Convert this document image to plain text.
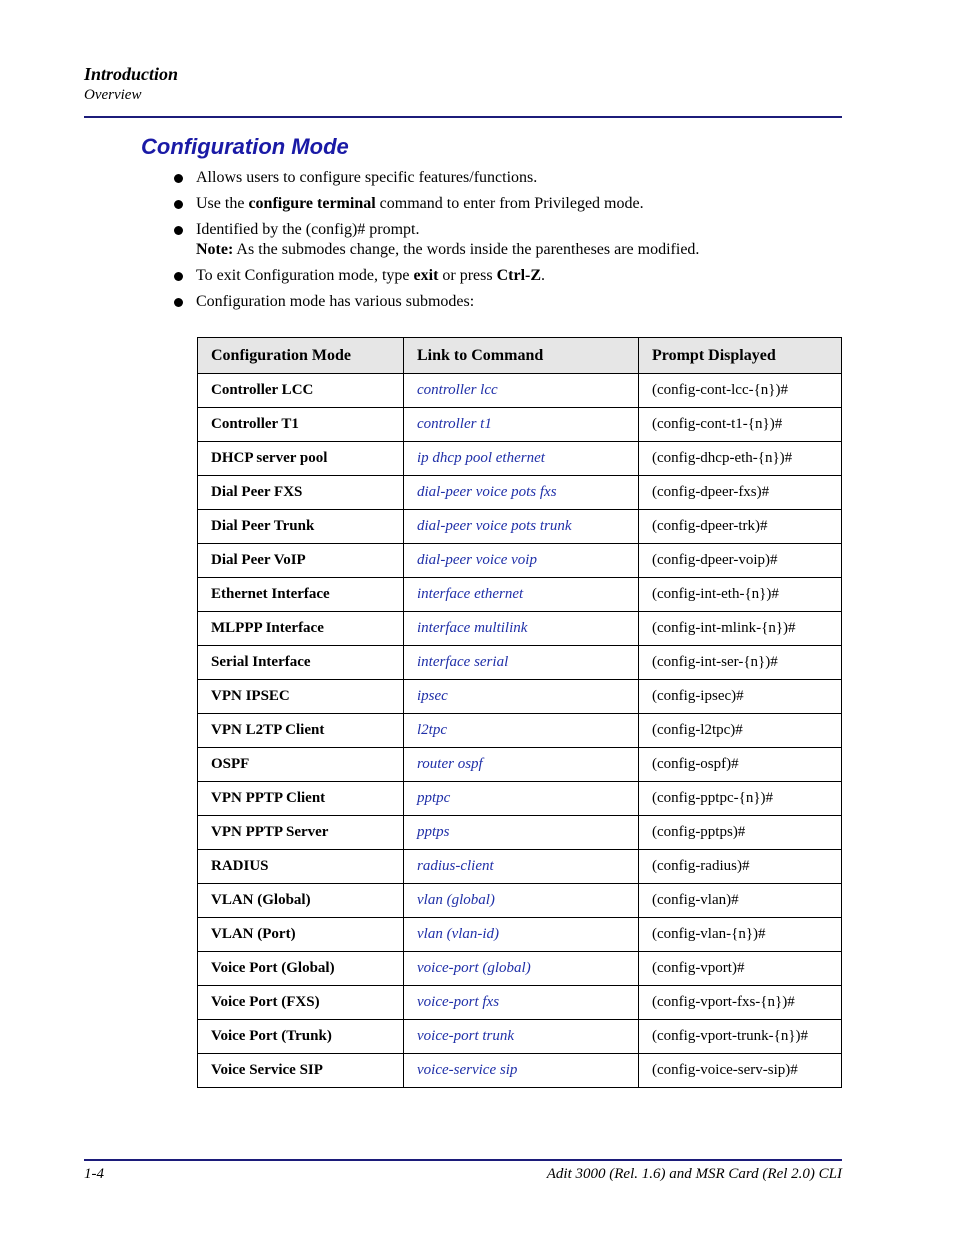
Introduction
Overview
Configuration Mode
Allows users to configure specific features/functions.
Use the configure terminal command to enter from Privileged mode.
Identified by the (config)# prompt.
Note: As the submodes change, the words inside the parentheses are modified.
To exit Configuration mode, type exit or press Ctrl-Z.
Configuration mode has various submodes:
Configuration Mode	Link to Command	Prompt Displayed
Controller LCC	controller lcc	(config-cont-lcc-{n})#
Controller T1	controller t1	(config-cont-t1-{n})#
DHCP server pool	ip dhcp pool ethernet	(config-dhcp-eth-{n})#
Dial Peer FXS	dial-peer voice pots fxs	(config-dpeer-fxs)#
Dial Peer Trunk	dial-peer voice pots trunk	(config-dpeer-trk)#
Dial Peer VoIP	dial-peer voice voip	(config-dpeer-voip)#
Ethernet Interface	interface ethernet	(config-int-eth-{n})#
MLPPP Interface	interface multilink	(config-int-mlink-{n})#
Serial Interface	interface serial	(config-int-ser-{n})#
VPN IPSEC	ipsec	(config-ipsec)#
VPN L2TP Client	l2tpc	(config-l2tpc)#
OSPF	router ospf	(config-ospf)#
VPN PPTP Client	pptpc	(config-pptpc-{n})#
VPN PPTP Server	pptps	(config-pptps)#
RADIUS	radius-client	(config-radius)#
VLAN (Global)	vlan (global)	(config-vlan)#
VLAN (Port)	vlan (vlan-id)	(config-vlan-{n})#
Voice Port (Global)	voice-port (global)	(config-vport)#
Voice Port (FXS)	voice-port fxs	(config-vport-fxs-{n})#
Voice Port (Trunk)	voice-port trunk	(config-vport-trunk-{n})#
Voice Service SIP	voice-service sip	(config-voice-serv-sip)#
1-4	Adit 3000 (Rel. 1.6) and MSR Card (Rel 2.0) CLI
